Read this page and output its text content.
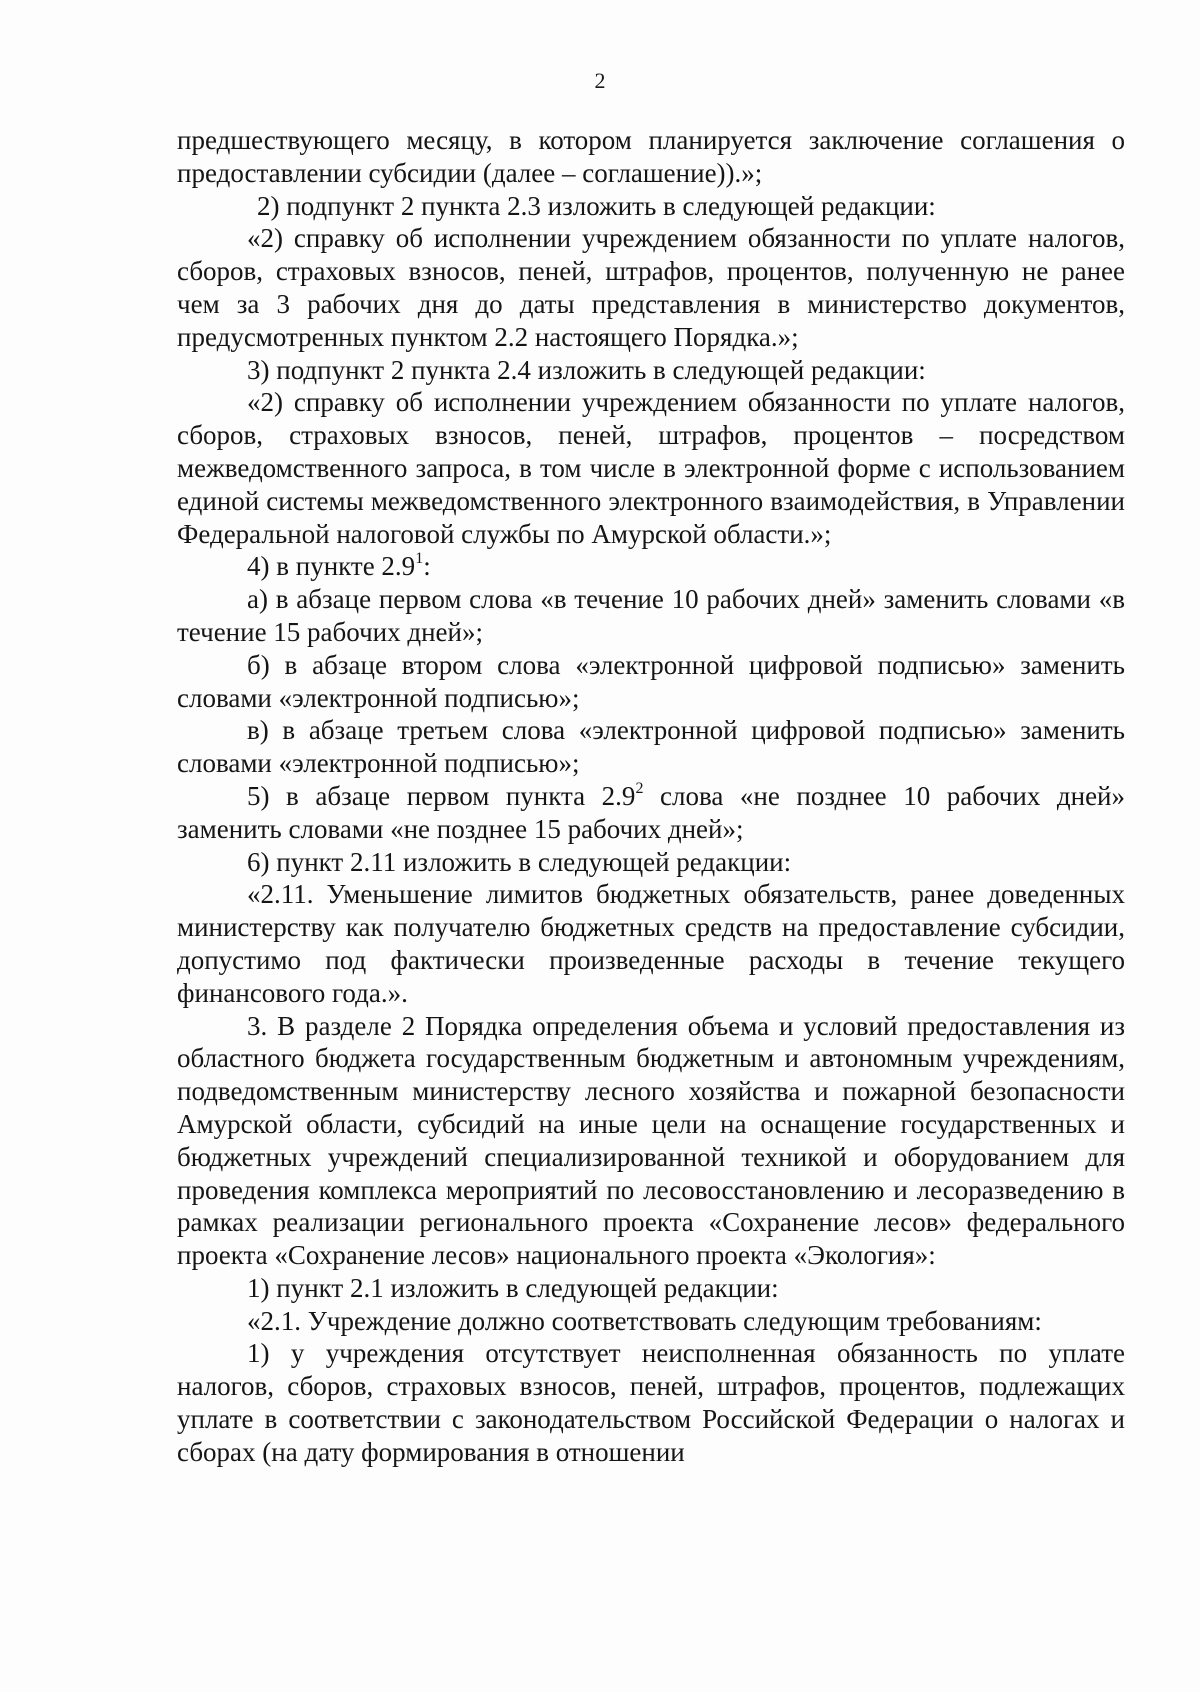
2

предшествующего месяцу, в котором планируется заключение соглашения о предоставлении субсидии (далее – соглашение)).»;

2) подпункт 2 пункта 2.3 изложить в следующей редакции:

«2) справку об исполнении учреждением обязанности по уплате налогов, сборов, страховых взносов, пеней, штрафов, процентов, полученную не ранее чем за 3 рабочих дня до даты представления в министерство документов, предусмотренных пунктом 2.2 настоящего Порядка.»;

3) подпункт 2 пункта 2.4 изложить в следующей редакции:

«2) справку об исполнении учреждением обязанности по уплате налогов, сборов, страховых взносов, пеней, штрафов, процентов – посредством межведомственного запроса, в том числе в электронной форме с использованием единой системы межведомственного электронного взаимодействия, в Управлении Федеральной налоговой службы по Амурской области.»;

4) в пункте $2.9^1$:

а) в абзаце первом слова «в течение 10 рабочих дней» заменить словами «в течение 15 рабочих дней»;

б) в абзаце втором слова «электронной цифровой подписью» заменить словами «электронной подписью»;

в) в абзаце третьем слова «электронной цифровой подписью» заменить словами «электронной подписью»;

5) в абзаце первом пункта $2.9^2$ слова «не позднее 10 рабочих дней» заменить словами «не позднее 15 рабочих дней»;

6) пункт 2.11 изложить в следующей редакции:

«2.11. Уменьшение лимитов бюджетных обязательств, ранее доведенных министерству как получателю бюджетных средств на предоставление субсидии, допустимо под фактически произведенные расходы в течение текущего финансового года.».

3. В разделе 2 Порядка определения объема и условий предоставления из областного бюджета государственным бюджетным и автономным учреждениям, подведомственным министерству лесного хозяйства и пожарной безопасности Амурской области, субсидий на иные цели на оснащение государственных и бюджетных учреждений специализированной техникой и оборудованием для проведения комплекса мероприятий по лесовосстановлению и лесоразведению в рамках реализации регионального проекта «Сохранение лесов» федерального проекта «Сохранение лесов» национального проекта «Экология»:

1) пункт 2.1 изложить в следующей редакции:

«2.1. Учреждение должно соответствовать следующим требованиям:

1) у учреждения отсутствует неисполненная обязанность по уплате налогов, сборов, страховых взносов, пеней, штрафов, процентов, подлежащих уплате в соответствии с законодательством Российской Федерации о налогах и сборах (на дату формирования в отношении
